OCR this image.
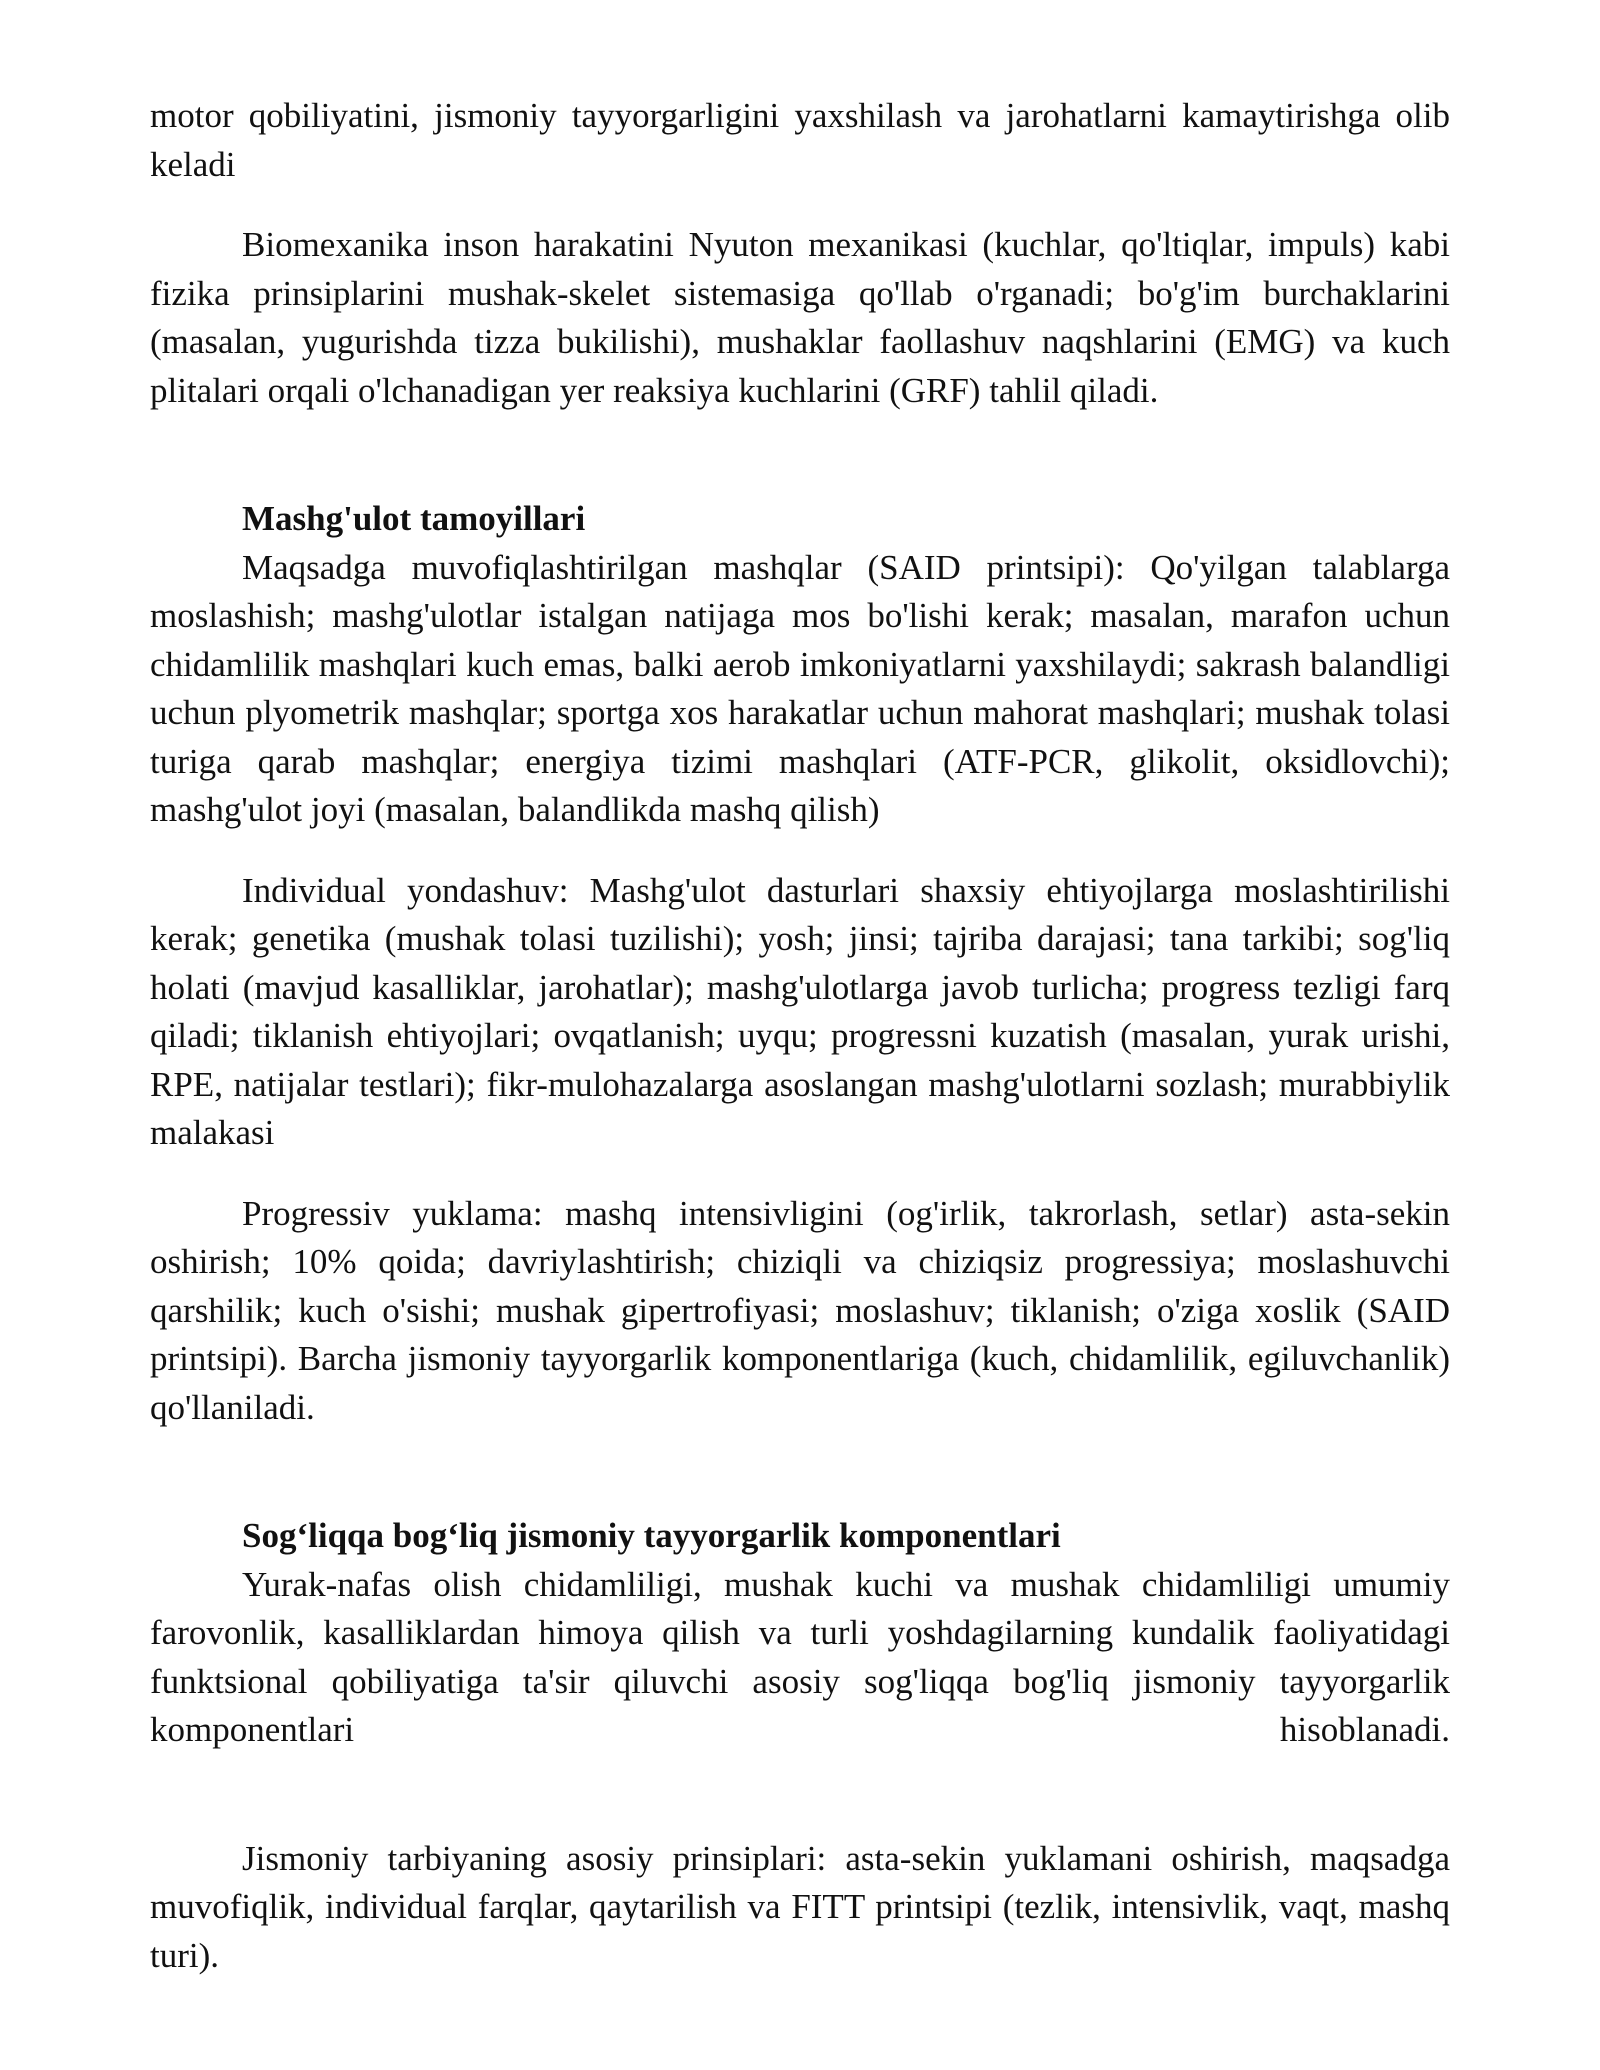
motor qobiliyatini, jismoniy tayyorgarligini yaxshilash va jarohatlarni kamaytirishga olib keladi

Biomexanika inson harakatini Nyuton mexanikasi (kuchlar, qo'ltiqlar, impuls) kabi fizika prinsiplarini mushak-skelet sistemasiga qo'llab o'rganadi; bo'g'im burchaklarini (masalan, yugurishda tizza bukilishi), mushaklar faollashuv naqshlarini (EMG) va kuch plitalari orqali o'lchanadigan yer reaksiya kuchlarini (GRF) tahlil qiladi.

Mashg'ulot tamoyillari

Maqsadga muvofiqlashtirilgan mashqlar (SAID printsipi): Qo'yilgan talablarga moslashish; mashg'ulotlar istalgan natijaga mos bo'lishi kerak; masalan, marafon uchun chidamlilik mashqlari kuch emas, balki aerob imkoniyatlarni yaxshilaydi; sakrash balandligi uchun plyometrik mashqlar; sportga xos harakatlar uchun mahorat mashqlari; mushak tolasi turiga qarab mashqlar; energiya tizimi mashqlari (ATF-PCR, glikolit, oksidlovchi); mashg'ulot joyi (masalan, balandlikda mashq qilish)

Individual yondashuv: Mashg'ulot dasturlari shaxsiy ehtiyojlarga moslashtirilishi kerak; genetika (mushak tolasi tuzilishi); yosh; jinsi; tajriba darajasi; tana tarkibi; sog'liq holati (mavjud kasalliklar, jarohatlar); mashg'ulotlarga javob turlicha; progress tezligi farq qiladi; tiklanish ehtiyojlari; ovqatlanish; uyqu; progressni kuzatish (masalan, yurak urishi, RPE, natijalar testlari); fikr-mulohazalarga asoslangan mashg'ulotlarni sozlash; murabbiylik malakasi

Progressiv yuklama: mashq intensivligini (og'irlik, takrorlash, setlar) asta-sekin oshirish; 10% qoida; davriylashtirish; chiziqli va chiziqsiz progressiya; moslashuvchi qarshilik; kuch o'sishi; mushak gipertrofiyasi; moslashuv; tiklanish; o'ziga xoslik (SAID printsipi). Barcha jismoniy tayyorgarlik komponentlariga (kuch, chidamlilik, egiluvchanlik) qo'llaniladi.

Sog‘liqqa bog‘liq jismoniy tayyorgarlik komponentlari

Yurak-nafas olish chidamliligi, mushak kuchi va mushak chidamliligi umumiy farovonlik, kasalliklardan himoya qilish va turli yoshdagilarning kundalik faoliyatidagi funktsional qobiliyatiga ta'sir qiluvchi asosiy sog'liqqa bog'liq jismoniy tayyorgarlik komponentlari hisoblanadi.

Jismoniy tarbiyaning asosiy prinsiplari: asta-sekin yuklamani oshirish, maqsadga muvofiqlik, individual farqlar, qaytarilish va FITT printsipi (tezlik, intensivlik, vaqt, mashq turi).
